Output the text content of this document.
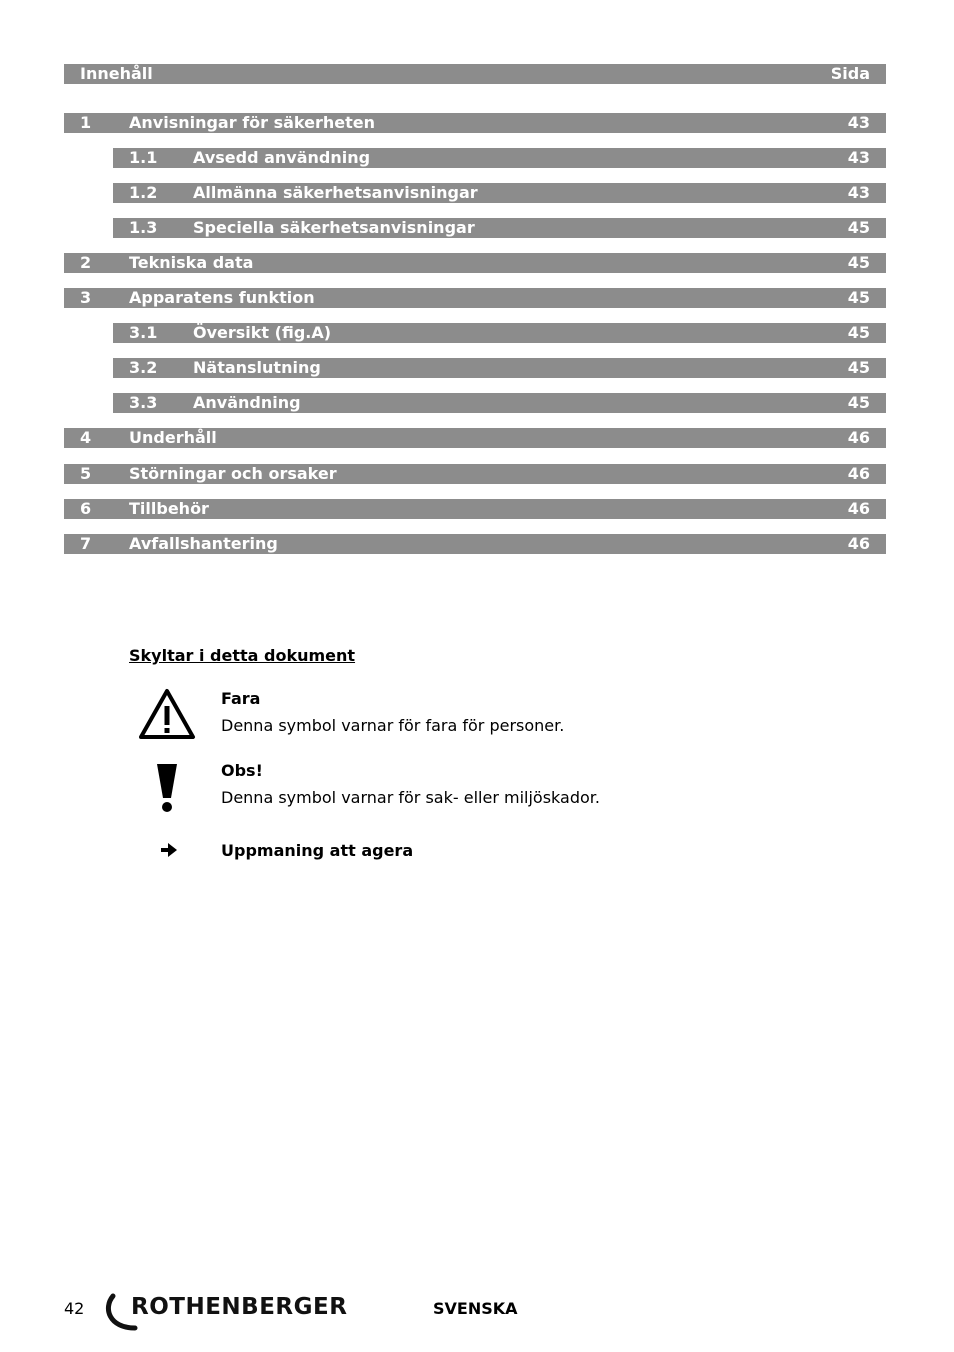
Innehåll	Sida
1 Anvisningar för säkerheten	43
1.1 Avsedd användning	43
1.2 Allmänna säkerhetsanvisningar	43
1.3 Speciella säkerhetsanvisningar	45
2 Tekniska data	45
3 Apparatens funktion	45
3.1 Översikt (fig.A)	45
3.2 Nätanslutning	45
3.3 Användning	45
4 Underhåll	46
5 Störningar och orsaker	46
6 Tillbehör	46
7 Avfallshantering	46
Skyltar i detta dokument
Fara
Denna symbol varnar för fara för personer.
Obs!
Denna symbol varnar för sak- eller miljöskador.
Uppmaning att agera
42 ROTHENBERGER	SVENSKA
